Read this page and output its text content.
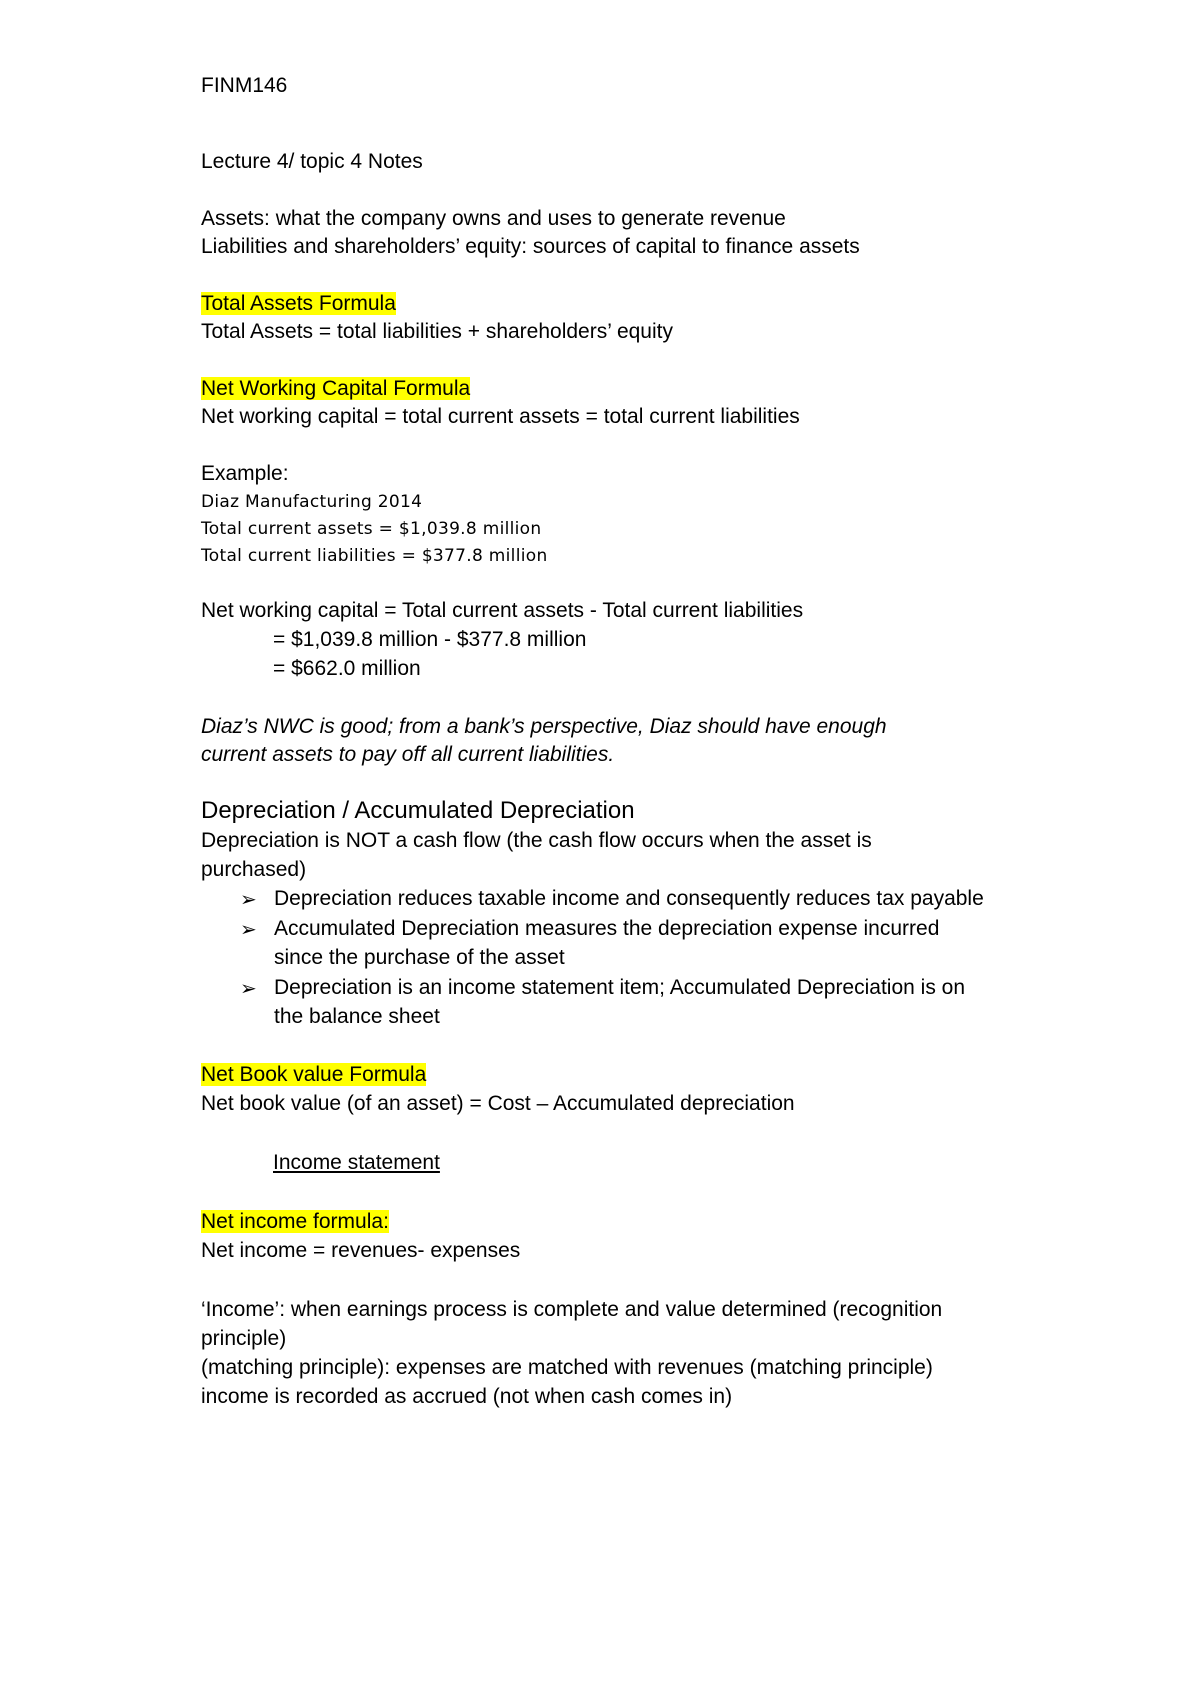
FINM146

Lecture 4/ topic 4 Notes

Assets: what the company owns and uses to generate revenue

Liabilities and shareholders’ equity: sources of capital to finance assets

Total Assets Formula

Total Assets = total liabilities + shareholders’ equity

Net Working Capital Formula

Net working capital = total current assets = total current liabilities

Example:

Diaz Manufacturing 2014

Total current assets = $1,039.8 million

Total current liabilities = $377.8 million

Net working capital = Total current assets - Total current liabilities

= $1,039.8 million - $377.8 million

= $662.0 million

Diaz’s NWC is good; from a bank’s perspective, Diaz should have enough

current assets to pay off all current liabilities.

Depreciation / Accumulated Depreciation

Depreciation is NOT a cash flow (the cash flow occurs when the asset is

purchased)

➢ Depreciation reduces taxable income and consequently reduces tax payable

➢ Accumulated Depreciation measures the depreciation expense incurred

since the purchase of the asset

➢ Depreciation is an income statement item; Accumulated Depreciation is on

the balance sheet

Net Book value Formula

Net book value (of an asset) = Cost – Accumulated depreciation

Income statement

Net income formula:

Net income = revenues- expenses

‘Income’: when earnings process is complete and value determined (recognition

principle)

(matching principle): expenses are matched with revenues (matching principle)

income is recorded as accrued (not when cash comes in)
